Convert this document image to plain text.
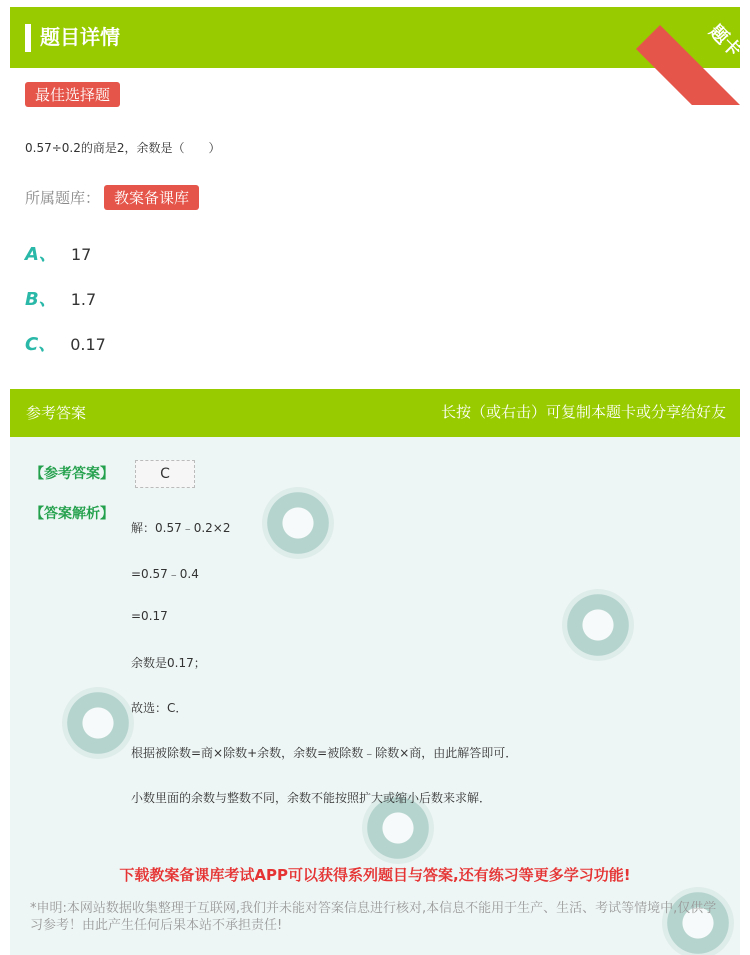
题目详情	题卡
最佳选择题
0.57÷0.2的商是2，余数是（　　）
所属题库： 教案备课库
A、 17
B、 1.7
C、 0.17
参考答案	长按（或右击）可复制本题卡或分享给好友
【参考答案】	C
【答案解析】
解：0.57﹣0.2×2
=0.57﹣0.4
=0.17
余数是0.17；
故选：C．
根据被除数=商×除数+余数，余数=被除数﹣除数×商，由此解答即可．
小数里面的余数与整数不同，余数不能按照扩大或缩小后数来求解．
下载教案备课库考试APP可以获得系列题目与答案,还有练习等更多学习功能!
*申明:本网站数据收集整理于互联网,我们并未能对答案信息进行核对,本信息不能用于生产、生活、考试等情境中,仅供学习参考！由此产生任何后果本站不承担责任!
